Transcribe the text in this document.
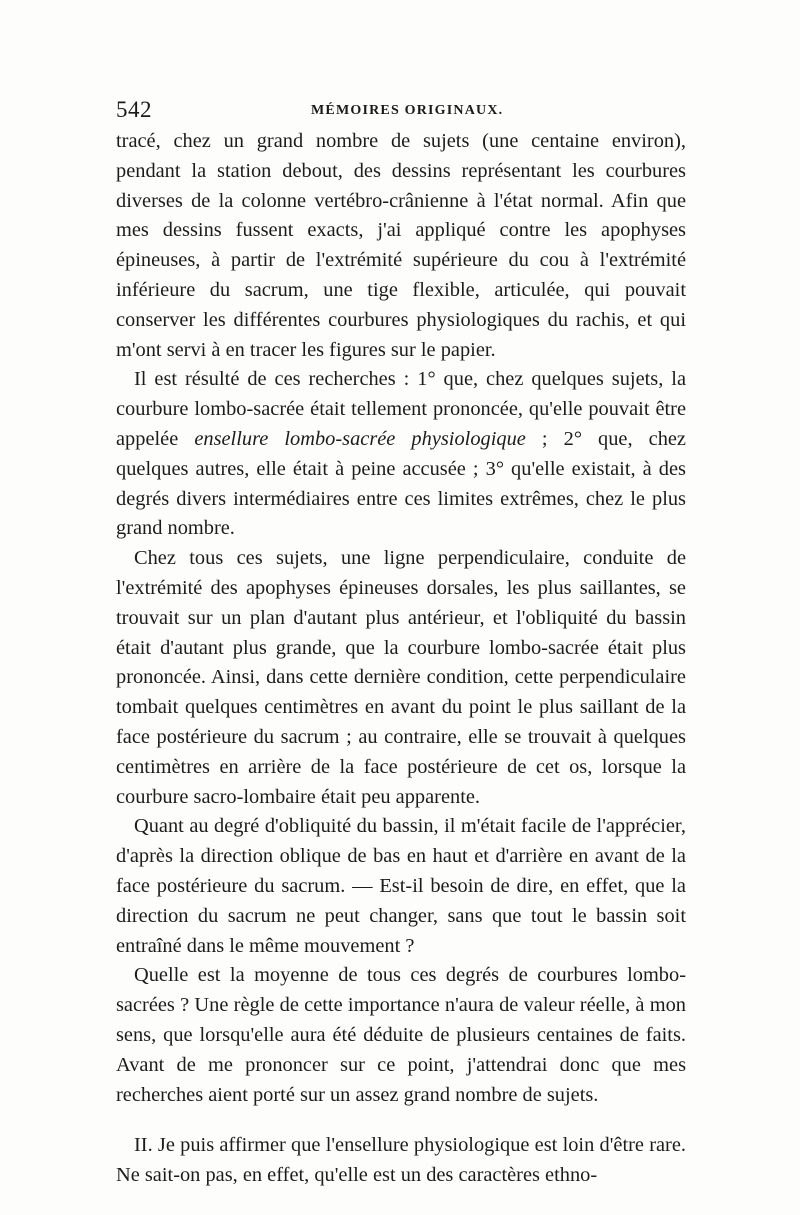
542	MÉMOIRES ORIGINAUX.

tracé, chez un grand nombre de sujets (une centaine environ), pendant la station debout, des dessins représentant les courbures diverses de la colonne vertébro-crânienne à l'état normal. Afin que mes dessins fussent exacts, j'ai appliqué contre les apophyses épineuses, à partir de l'extrémité supérieure du cou à l'extrémité inférieure du sacrum, une tige flexible, articulée, qui pouvait conserver les différentes courbures physiologiques du rachis, et qui m'ont servi à en tracer les figures sur le papier.

Il est résulté de ces recherches : 1° que, chez quelques sujets, la courbure lombo-sacrée était tellement prononcée, qu'elle pouvait être appelée ensellure lombo-sacrée physiologique ; 2° que, chez quelques autres, elle était à peine accusée ; 3° qu'elle existait, à des degrés divers intermédiaires entre ces limites extrêmes, chez le plus grand nombre.

Chez tous ces sujets, une ligne perpendiculaire, conduite de l'extrémité des apophyses épineuses dorsales, les plus saillantes, se trouvait sur un plan d'autant plus antérieur, et l'obliquité du bassin était d'autant plus grande, que la courbure lombo-sacrée était plus prononcée. Ainsi, dans cette dernière condition, cette perpendiculaire tombait quelques centimètres en avant du point le plus saillant de la face postérieure du sacrum ; au contraire, elle se trouvait à quelques centimètres en arrière de la face postérieure de cet os, lorsque la courbure sacro-lombaire était peu apparente.

Quant au degré d'obliquité du bassin, il m'était facile de l'apprécier, d'après la direction oblique de bas en haut et d'arrière en avant de la face postérieure du sacrum. — Est-il besoin de dire, en effet, que la direction du sacrum ne peut changer, sans que tout le bassin soit entraîné dans le même mouvement ?

Quelle est la moyenne de tous ces degrés de courbures lombo-sacrées ? Une règle de cette importance n'aura de valeur réelle, à mon sens, que lorsqu'elle aura été déduite de plusieurs centaines de faits. Avant de me prononcer sur ce point, j'attendrai donc que mes recherches aient porté sur un assez grand nombre de sujets.

II. Je puis affirmer que l'ensellure physiologique est loin d'être rare. Ne sait-on pas, en effet, qu'elle est un des caractères ethno-
